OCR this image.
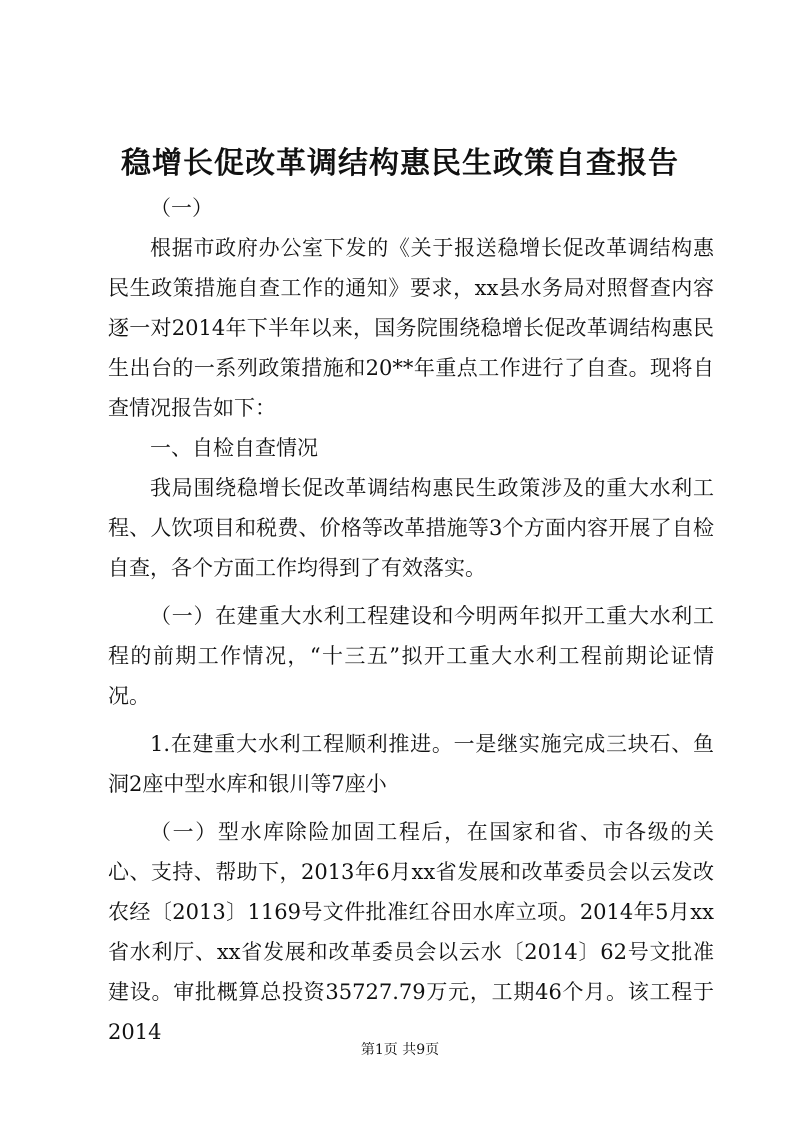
稳增长促改革调结构惠民生政策自查报告

（一）

根据市政府办公室下发的《关于报送稳增长促改革调结构惠民生政策措施自查工作的通知》要求，xx县水务局对照督查内容逐一对2014年下半年以来，国务院围绕稳增长促改革调结构惠民生出台的一系列政策措施和20**年重点工作进行了自查。现将自查情况报告如下：

一、自检自查情况

我局围绕稳增长促改革调结构惠民生政策涉及的重大水利工程、人饮项目和税费、价格等改革措施等3个方面内容开展了自检自查，各个方面工作均得到了有效落实。

（一）在建重大水利工程建设和今明两年拟开工重大水利工程的前期工作情况，“十三五”拟开工重大水利工程前期论证情况。

1.在建重大水利工程顺利推进。一是继实施完成三块石、鱼洞2座中型水库和银川等7座小

（一）型水库除险加固工程后，在国家和省、市各级的关心、支持、帮助下，2013年6月xx省发展和改革委员会以云发改农经〔2013〕1169号文件批准红谷田水库立项。2014年5月xx省水利厅、xx省发展和改革委员会以云水〔2014〕62号文批准建设。审批概算总投资35727.79万元，工期46个月。该工程于2014

第1页 共9页
